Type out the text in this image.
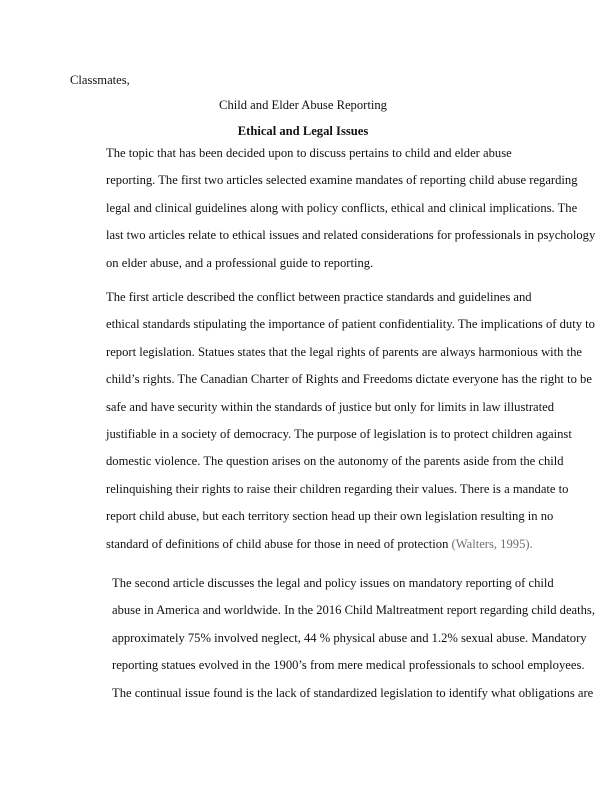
Classmates,
Child and Elder Abuse Reporting
Ethical and Legal Issues
The topic that has been decided upon to discuss pertains to child and elder abuse
reporting. The first two articles selected examine mandates of reporting child abuse regarding
legal and clinical guidelines along with policy conflicts, ethical and clinical implications. The
last two articles relate to ethical issues and related considerations for professionals in psychology
on elder abuse, and a professional guide to reporting.
The first article described the conflict between practice standards and guidelines and
ethical standards stipulating the importance of patient confidentiality. The implications of duty to
report legislation. Statues states that the legal rights of parents are always harmonious with the
child’s rights. The Canadian Charter of Rights and Freedoms dictate everyone has the right to be
safe and have security within the standards of justice but only for limits in law illustrated
justifiable in a society of democracy. The purpose of legislation is to protect children against
domestic violence. The question arises on the autonomy of the parents aside from the child
relinquishing their rights to raise their children regarding their values. There is a mandate to
report child abuse, but each territory section head up their own legislation resulting in no
standard of definitions of child abuse for those in need of protection (Walters, 1995).
The second article discusses the legal and policy issues on mandatory reporting of child
abuse in America and worldwide. In the 2016 Child Maltreatment report regarding child deaths,
approximately 75% involved neglect, 44 % physical abuse and 1.2% sexual abuse. Mandatory
reporting statues evolved in the 1900’s from mere medical professionals to school employees.
The continual issue found is the lack of standardized legislation to identify what obligations are
